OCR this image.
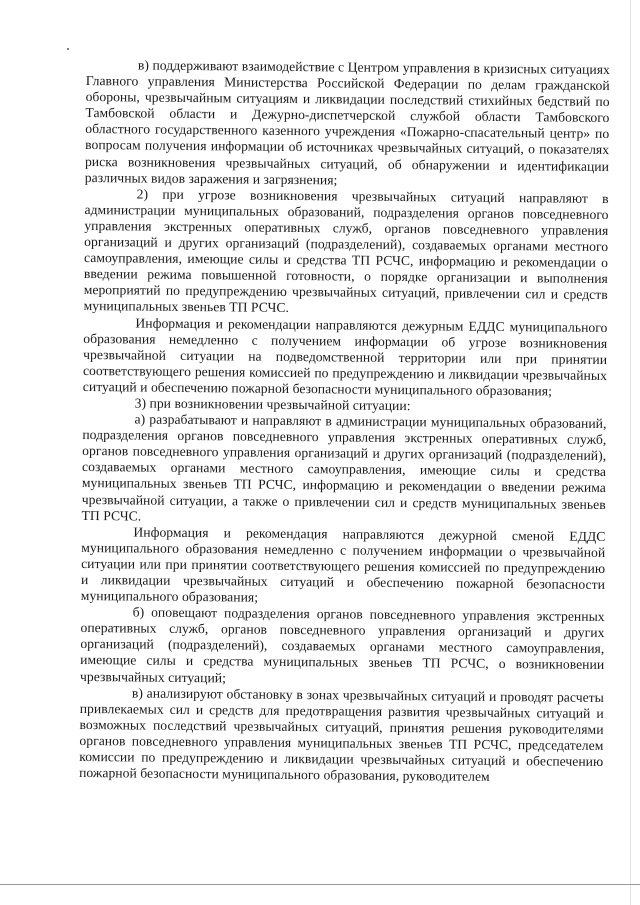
в) поддерживают взаимодействие с Центром управления в кризисных ситуациях Главного управления Министерства Российской Федерации по делам гражданской обороны, чрезвычайным ситуациям и ликвидации последствий стихийных бедствий по Тамбовской области и Дежурно-диспетчерской службой области Тамбовского областного государственного казенного учреждения «Пожарно-спасательный центр» по вопросам получения информации об источниках чрезвычайных ситуаций, о показателях риска возникновения чрезвычайных ситуаций, об обнаружении и идентификации различных видов заражения и загрязнения;

2) при угрозе возникновения чрезвычайных ситуаций направляют в администрации муниципальных образований, подразделения органов повседневного управления экстренных оперативных служб, органов повседневного управления организаций и других организаций (подразделений), создаваемых органами местного самоуправления, имеющие силы и средства ТП РСЧС, информацию и рекомендации о введении режима повышенной готовности, о порядке организации и выполнения мероприятий по предупреждению чрезвычайных ситуаций, привлечении сил и средств муниципальных звеньев ТП РСЧС.

Информация и рекомендации направляются дежурным ЕДДС муниципального образования немедленно с получением информации об угрозе возникновения чрезвычайной ситуации на подведомственной территории или при принятии соответствующего решения комиссией по предупреждению и ликвидации чрезвычайных ситуаций и обеспечению пожарной безопасности муниципального образования;

3) при возникновении чрезвычайной ситуации:

а) разрабатывают и направляют в администрации муниципальных образований, подразделения органов повседневного управления экстренных оперативных служб, органов повседневного управления организаций и других организаций (подразделений), создаваемых органами местного самоуправления, имеющие силы и средства муниципальных звеньев ТП РСЧС, информацию и рекомендации о введении режима чрезвычайной ситуации, а также о привлечении сил и средств муниципальных звеньев ТП РСЧС.

Информация и рекомендация направляются дежурной сменой ЕДДС муниципального образования немедленно с получением информации о чрезвычайной ситуации или при принятии соответствующего решения комиссией по предупреждению и ликвидации чрезвычайных ситуаций и обеспечению пожарной безопасности муниципального образования;

б) оповещают подразделения органов повседневного управления экстренных оперативных служб, органов повседневного управления организаций и других организаций (подразделений), создаваемых органами местного самоуправления, имеющие силы и средства муниципальных звеньев ТП РСЧС, о возникновении чрезвычайных ситуаций;

в) анализируют обстановку в зонах чрезвычайных ситуаций и проводят расчеты привлекаемых сил и средств для предотвращения развития чрезвычайных ситуаций и возможных последствий чрезвычайных ситуаций, принятия решения руководителями органов повседневного управления муниципальных звеньев ТП РСЧС, председателем комиссии по предупреждению и ликвидации чрезвычайных ситуаций и обеспечению пожарной безопасности муниципального образования, руководителем
